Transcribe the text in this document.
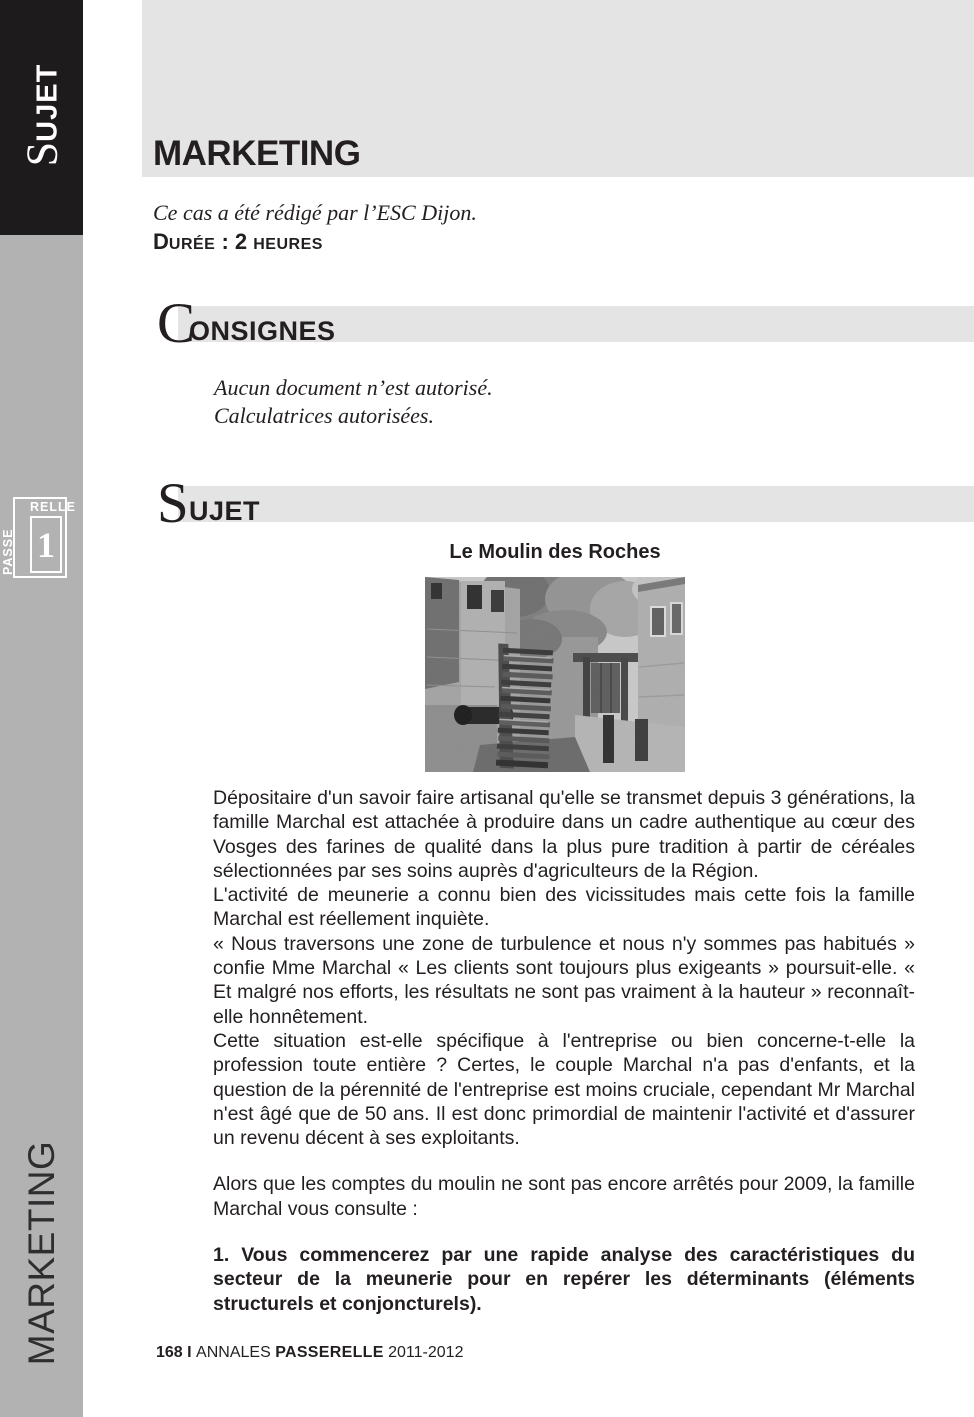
SUJET
PASSE
RELLE
1
MARKETING
MARKETING
Ce cas a été rédigé par l’ESC Dijon.
DURÉE : 2 HEURES
C
ONSIGNES

Aucun document n’est autorisé.

Calculatrices autorisées.

S UJET
Le Moulin des Roches

Dépositaire d'un savoir faire artisanal qu'elle se transmet depuis 3 générations, la famille Marchal est attachée à produire dans un cadre authentique au cœur des Vosges des farines de qualité dans la plus pure tradition à partir de céréales sélectionnées par ses soins auprès d'agriculteurs de la Région.

L'activité de meunerie a connu bien des vicissitudes mais cette fois la famille Marchal est réellement inquiète.

« Nous traversons une zone de turbulence et nous n'y sommes pas habitués » confie Mme Marchal « Les clients sont toujours plus exigeants » poursuit-elle. « Et malgré nos efforts, les résultats ne sont pas vraiment à la hauteur » reconnaît-elle honnêtement.

Cette situation est-elle spécifique à l'entreprise ou bien concerne-t-elle la profession toute entière ? Certes, le couple Marchal n'a pas d'enfants, et la question de la pérennité de l'entreprise est moins cruciale, cependant Mr Marchal n'est âgé que de 50 ans. Il est donc primordial de maintenir l'activité et d'assurer un revenu décent à ses exploitants.

Alors que les comptes du moulin ne sont pas encore arrêtés pour 2009, la famille Marchal vous consulte :

1. Vous commencerez par une rapide analyse des caractéristiques du secteur de la meunerie pour en repérer les déterminants (éléments structurels et conjoncturels).

168 I ANNALES PASSERELLE 2011-2012
